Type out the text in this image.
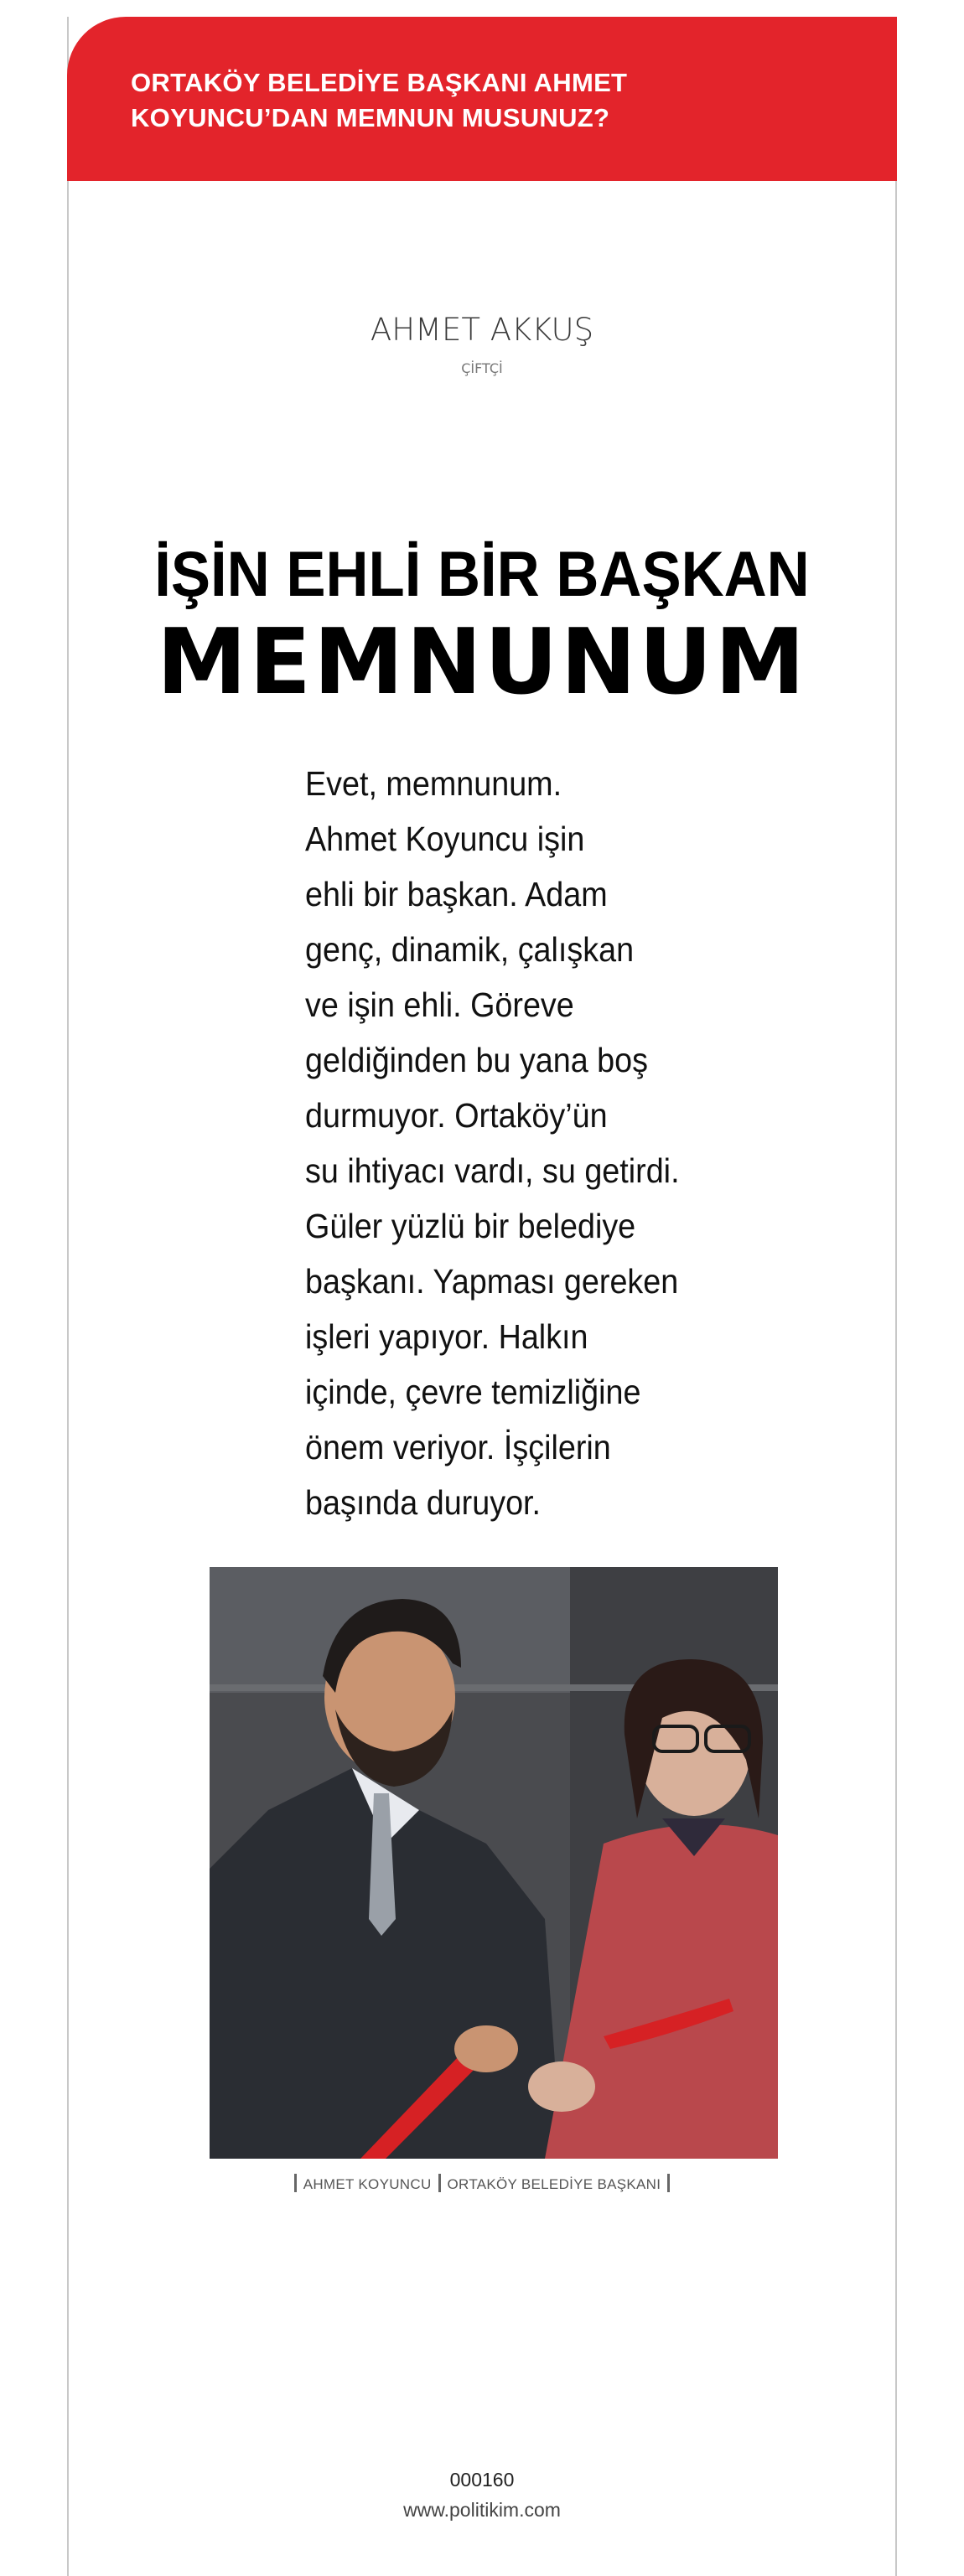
ORTAKÖY BELEDİYE BAŞKANI AHMET KOYUNCU’DAN MEMNUN MUSUNUZ?
AHMET AKKUŞ
ÇİFTÇİ
İŞİN EHLİ BİR BAŞKAN
MEMNUNUM
Evet, memnunum.
Ahmet Koyuncu işin
ehli bir başkan. Adam
genç, dinamik, çalışkan
ve işin ehli. Göreve
geldiğinden bu yana boş
durmuyor. Ortaköy’ün
su ihtiyacı vardı, su getirdi.
Güler yüzlü bir belediye
başkanı. Yapması gereken
işleri yapıyor. Halkın
içinde, çevre temizliğine
önem veriyor. İşçilerin
başında duruyor.
AHMET KOYUNCU ORTAKÖY BELEDİYE BAŞKANI
000160
www.politikim.com
